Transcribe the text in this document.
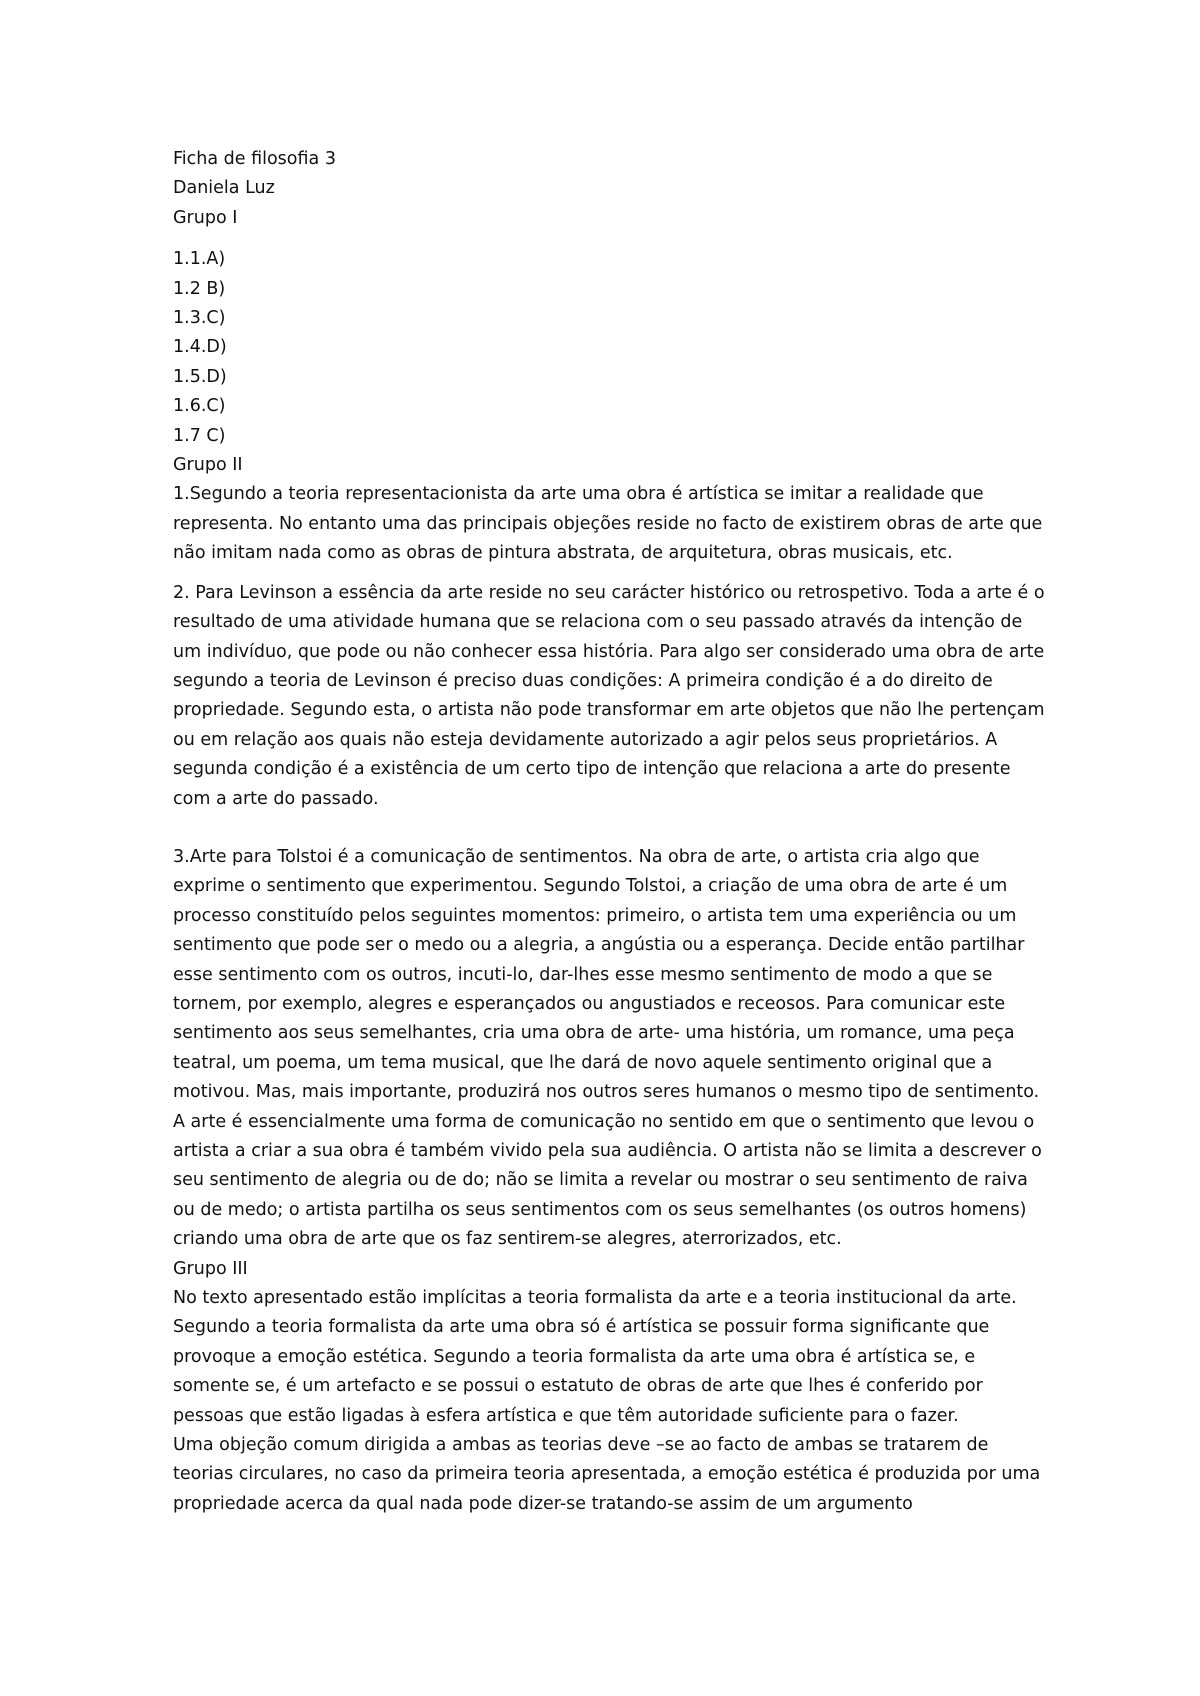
Ficha de filosofia 3
Daniela Luz
Grupo I
1.1.A)
1.2 B)
1.3.C)
1.4.D)
1.5.D)
1.6.C)
1.7 C)
Grupo II

1.Segundo a teoria representacionista da arte uma obra é artística se imitar a realidade que representa. No entanto uma das principais objeções reside no facto de existirem obras de arte que não imitam nada como as obras de pintura abstrata, de arquitetura, obras musicais, etc.

2. Para Levinson a essência da arte reside no seu carácter histórico ou retrospetivo. Toda a arte é o resultado de uma atividade humana que se relaciona com o seu passado através da intenção de um indivíduo, que pode ou não conhecer essa história. Para algo ser considerado uma obra de arte segundo a teoria de Levinson é preciso duas condições: A primeira condição é a do direito de propriedade. Segundo esta, o artista não pode transformar em arte objetos que não lhe pertençam ou em relação aos quais não esteja devidamente autorizado a agir pelos seus proprietários. A segunda condição é a existência de um certo tipo de intenção que relaciona a arte do presente com a arte do passado.

3.Arte para Tolstoi é a comunicação de sentimentos. Na obra de arte, o artista cria algo que exprime o sentimento que experimentou. Segundo Tolstoi, a criação de uma obra de arte é um processo constituído pelos seguintes momentos: primeiro, o artista tem uma experiência ou um sentimento que pode ser o medo ou a alegria, a angústia ou a esperança. Decide então partilhar esse sentimento com os outros, incuti-lo, dar-lhes esse mesmo sentimento de modo a que se tornem, por exemplo, alegres e esperançados ou angustiados e receosos. Para comunicar este sentimento aos seus semelhantes, cria uma obra de arte- uma história, um romance, uma peça teatral, um poema, um tema musical, que lhe dará de novo aquele sentimento original que a motivou. Mas, mais importante, produzirá nos outros seres humanos o mesmo tipo de sentimento. A arte é essencialmente uma forma de comunicação no sentido em que o sentimento que levou o artista a criar a sua obra é também vivido pela sua audiência. O artista não se limita a descrever o seu sentimento de alegria ou de do; não se limita a revelar ou mostrar o seu sentimento de raiva ou de medo; o artista partilha os seus sentimentos com os seus semelhantes (os outros homens) criando uma obra de arte que os faz sentirem-se alegres, aterrorizados, etc.

Grupo III

No texto apresentado estão implícitas a teoria formalista da arte e a teoria institucional da arte. Segundo a teoria formalista da arte uma obra só é artística se possuir forma significante que provoque a emoção estética. Segundo a teoria formalista da arte uma obra é artística se, e somente se, é um artefacto e se possui o estatuto de obras de arte que lhes é conferido por pessoas que estão ligadas à esfera artística e que têm autoridade suficiente para o fazer.

Uma objeção comum dirigida a ambas as teorias deve –se ao facto de ambas se tratarem de teorias circulares, no caso da primeira teoria apresentada, a emoção estética é produzida por uma propriedade acerca da qual nada pode dizer-se tratando-se assim de um argumento
